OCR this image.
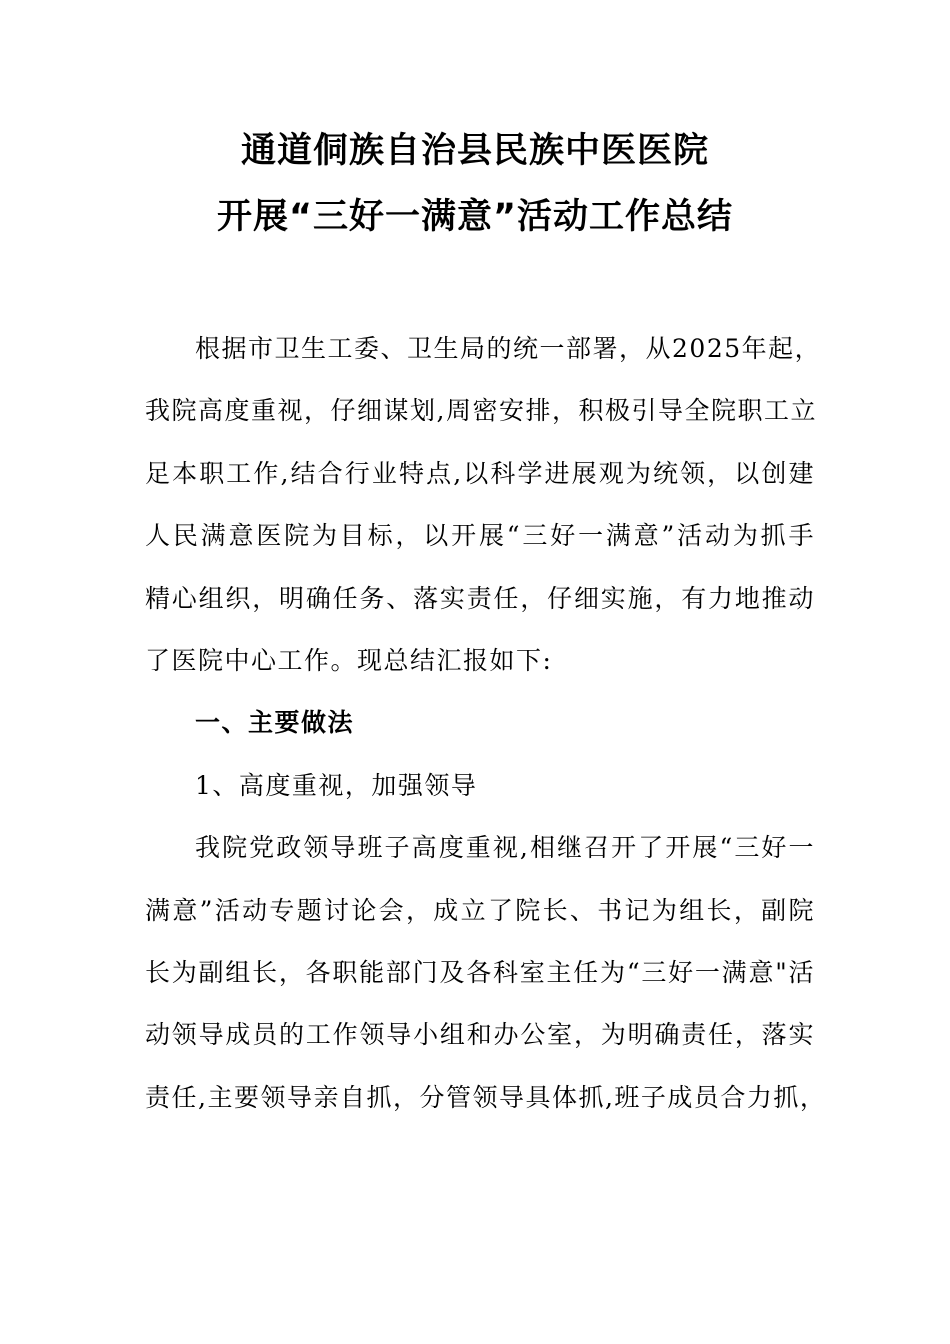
通道侗族自治县民族中医医院
开展“三好一满意”活动工作总结
根据市卫生工委、卫生局的统一部署，从2025年起，
我院高度重视，仔细谋划,周密安排，积极引导全院职工立
足本职工作,结合行业特点,以科学进展观为统领，以创建
人民满意医院为目标，以开展“三好一满意”活动为抓手
精心组织，明确任务、落实责任，仔细实施，有力地推动
了医院中心工作。现总结汇报如下:
一、主要做法
1、高度重视，加强领导
我院党政领导班子高度重视,相继召开了开展“三好一
满意”活动专题讨论会，成立了院长、书记为组长，副院
长为副组长，各职能部门及各科室主任为“三好一满意"活
动领导成员的工作领导小组和办公室，为明确责任，落实
责任,主要领导亲自抓，分管领导具体抓,班子成员合力抓，
